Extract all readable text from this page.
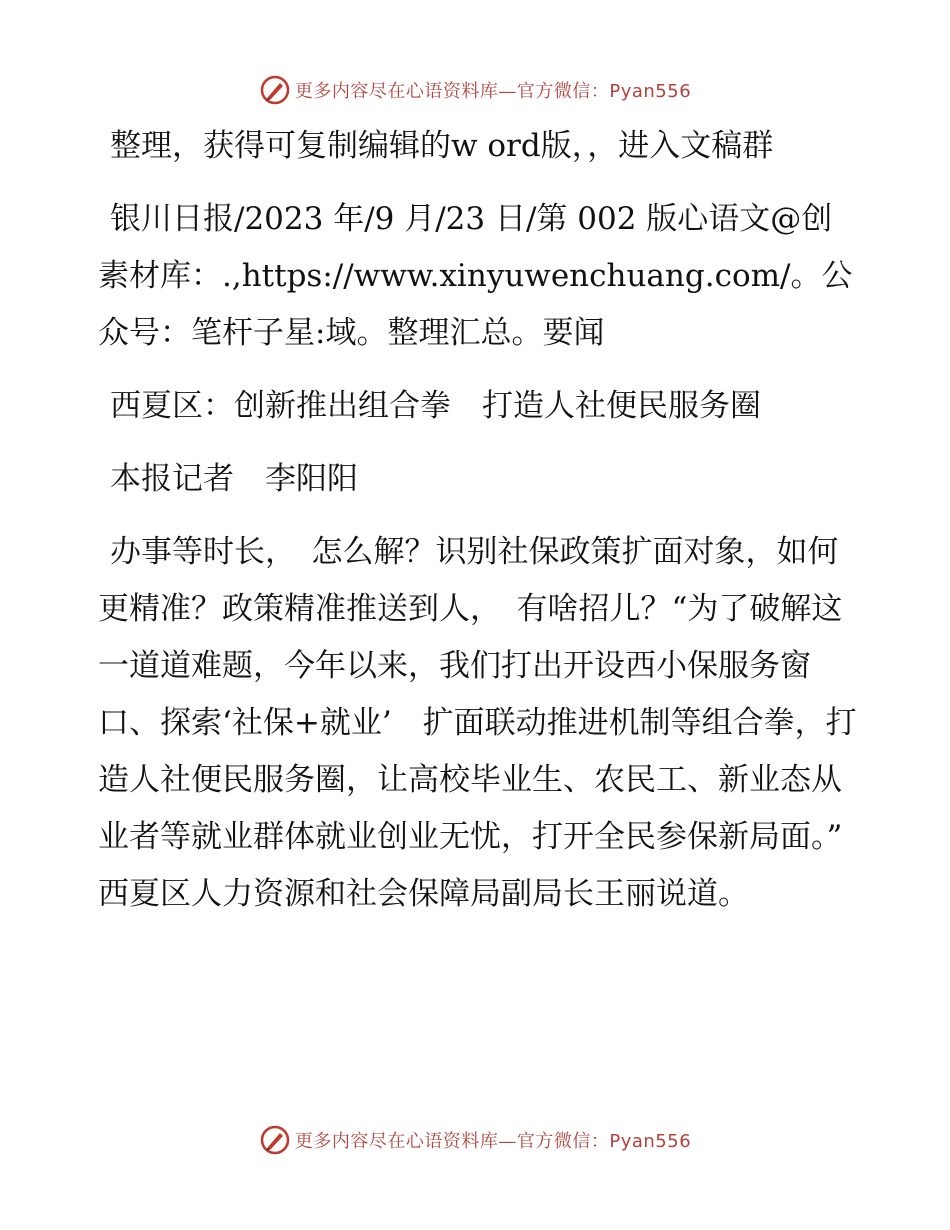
更多内容尽在心语资料库—官方微信：Pyan556

整理，获得可复制编辑的w ord版，，进入文稿群

银川日报/2023 年/9 月/23 日/第 002 版心语文@创素材库：.,https://www.xinyuwenchuang.com/。公众号：笔杆子星:域。整理汇总。要闻

西夏区：创新推出组合拳　打造人社便民服务圈

本报记者　李阳阳

办事等时长，　怎么解？识别社保政策扩面对象，如何更精准？政策精准推送到人，　有啥招儿？“为了破解这一道道难题，今年以来，我们打出开设西小保服务窗口、探索‘社保+就业’　扩面联动推进机制等组合拳，打造人社便民服务圈，让高校毕业生、农民工、新业态从业者等就业群体就业创业无忧，打开全民参保新局面。”　西夏区人力资源和社会保障局副局长王丽说道。

更多内容尽在心语资料库—官方微信：Pyan556
